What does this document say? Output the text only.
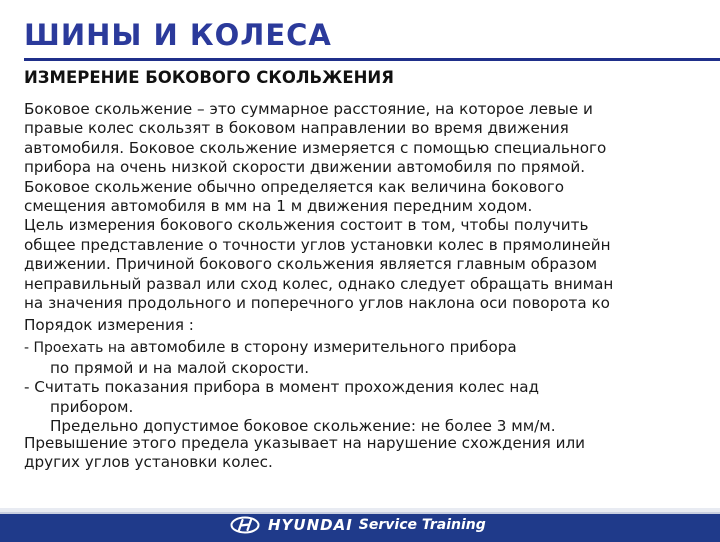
ШИНЫ И КОЛЕСА
ИЗМЕРЕНИЕ БОКОВОГО СКОЛЬЖЕНИЯ
Боковое скольжение – это суммарное расстояние, на которое левые и
правые колес скользят в боковом направлении во время движения
автомобиля. Боковое скольжение измеряется с помощью специального
прибора на очень низкой скорости движении автомобиля по прямой.
Боковое скольжение обычно определяется как величина бокового
смещения автомобиля в мм на 1 м движения передним ходом.
Цель измерения бокового скольжения состоит в том, чтобы получить
общее представление о точности углов установки колес в прямолинейн
движении. Причиной бокового скольжения является главным образом
неправильный развал или сход колес, однако следует обращать вниман
на значения продольного и поперечного углов наклона оси поворота ко
Порядок измерения :
- Проехать на автомобиле в сторону измерительного прибора
по прямой и на малой скорости.
- Считать показания прибора в момент прохождения колес над
прибором.
Предельно допустимое боковое скольжение: не более 3 мм/м.
Превышение этого предела указывает на нарушение схождения или
других углов установки колес.
HYUNDAI Service Training
